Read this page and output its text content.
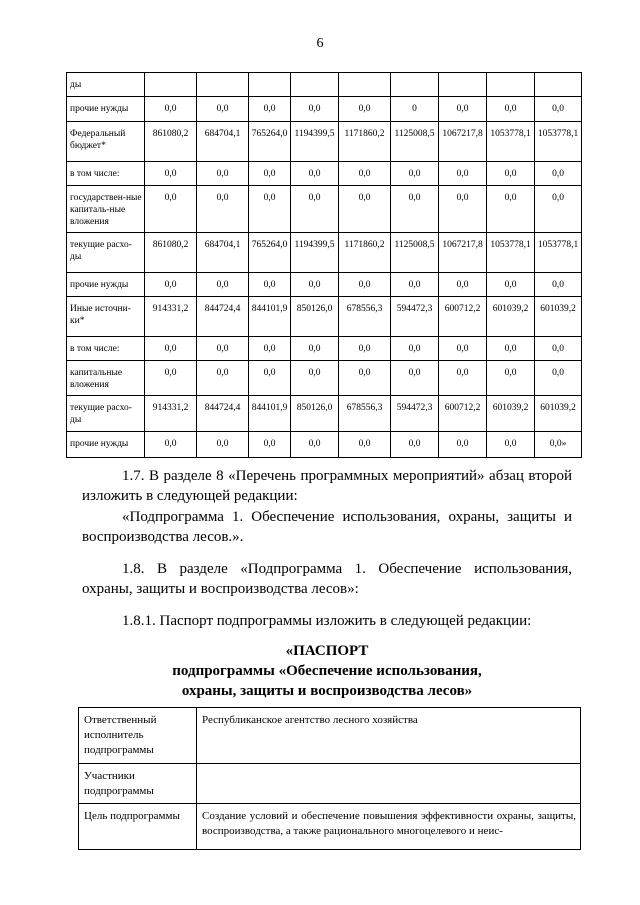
6
ды									
прочие нужды	0,0	0,0	0,0	0,0	0,0	0	0,0	0,0	0,0
Федеральный бюджет*	861080,2	684704,1	765264,0	1194399,5	1171860,2	1125008,5	1067217,8	1053778,1	1053778,1
в том числе:	0,0	0,0	0,0	0,0	0,0	0,0	0,0	0,0	0,0
государствен-ные капиталь-ные вложения	0,0	0,0	0,0	0,0	0,0	0,0	0,0	0,0	0,0
текущие расхо-ды	861080,2	684704,1	765264,0	1194399,5	1171860,2	1125008,5	1067217,8	1053778,1	1053778,1
прочие нужды	0,0	0,0	0,0	0,0	0,0	0,0	0,0	0,0	0,0
Иные источни-ки*	914331,2	844724,4	844101,9	850126,0	678556,3	594472,3	600712,2	601039,2	601039,2
в том числе:	0,0	0,0	0,0	0,0	0,0	0,0	0,0	0,0	0,0
капитальные вложения	0,0	0,0	0,0	0,0	0,0	0,0	0,0	0,0	0,0
текущие расхо-ды	914331,2	844724,4	844101,9	850126,0	678556,3	594472,3	600712,2	601039,2	601039,2
прочие нужды	0,0	0,0	0,0	0,0	0,0	0,0	0,0	0,0	0,0»
1.7. В разделе 8 «Перечень программных мероприятий» абзац второй изложить в следующей редакции:
«Подпрограмма 1. Обеспечение использования, охраны, защиты и воспроизводства лесов.».
1.8. В разделе «Подпрограмма 1. Обеспечение использования, охраны, защиты и воспроизводства лесов»:
1.8.1. Паспорт подпрограммы изложить в следующей редакции:
«ПАСПОРТ
подпрограммы «Обеспечение использования,
охраны, защиты и воспроизводства лесов»
Ответственный исполнитель подпрограммы	Республиканское агентство лесного хозяйства
Участники подпрограммы	
Цель подпрограммы	Создание условий и обеспечение повышения эффективности охраны, защиты, воспроизводства, а также рационального многоцелевого и неис-
